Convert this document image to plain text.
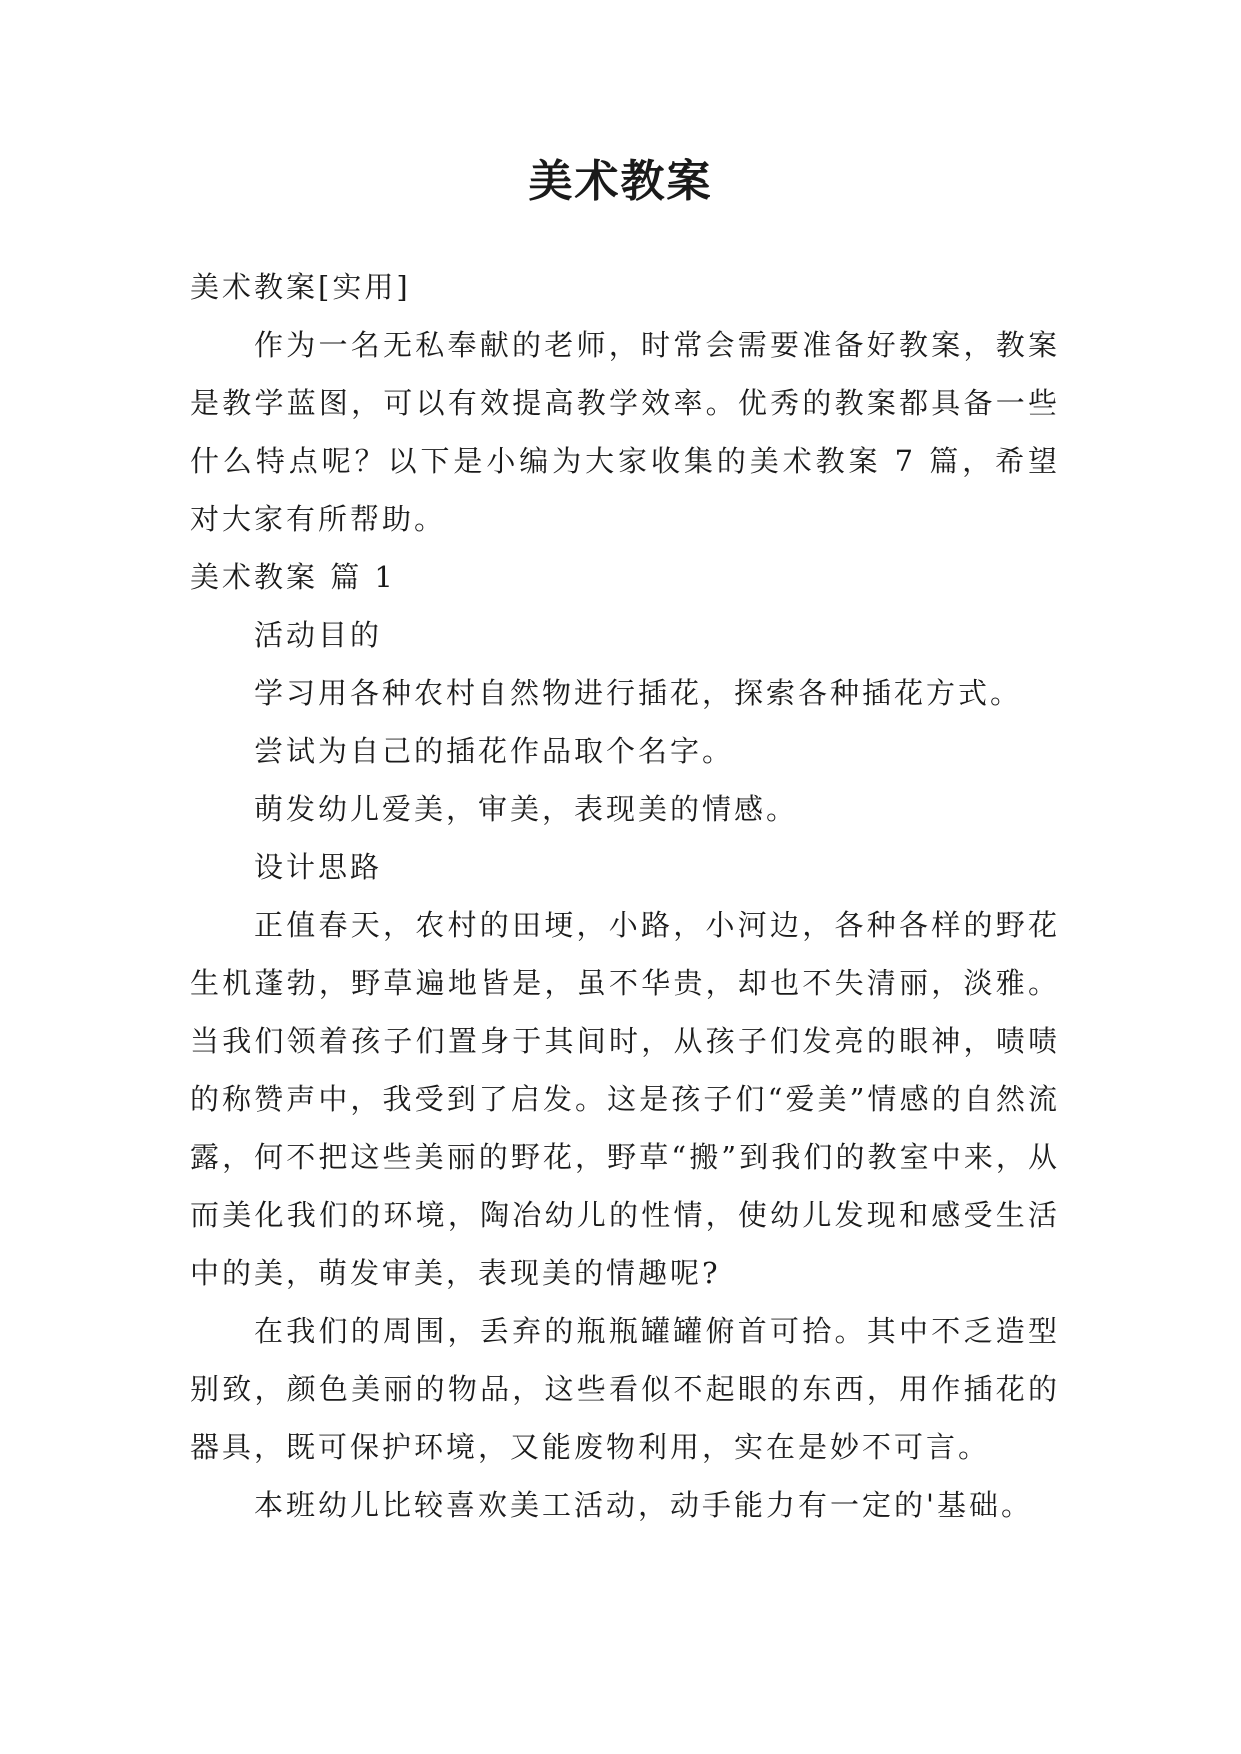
美术教案

美术教案[实用]

作为一名无私奉献的老师，时常会需要准备好教案，教案是教学蓝图，可以有效提高教学效率。优秀的教案都具备一些什么特点呢？以下是小编为大家收集的美术教案 7 篇，希望对大家有所帮助。

美术教案 篇 1

活动目的

学习用各种农村自然物进行插花，探索各种插花方式。

尝试为自己的插花作品取个名字。

萌发幼儿爱美，审美，表现美的情感。

设计思路

正值春天，农村的田埂，小路，小河边，各种各样的野花生机蓬勃，野草遍地皆是，虽不华贵，却也不失清丽，淡雅。当我们领着孩子们置身于其间时，从孩子们发亮的眼神，啧啧的称赞声中，我受到了启发。这是孩子们“爱美”情感的自然流露，何不把这些美丽的野花，野草“搬”到我们的教室中来，从而美化我们的环境，陶冶幼儿的性情，使幼儿发现和感受生活中的美，萌发审美，表现美的情趣呢?

在我们的周围，丢弃的瓶瓶罐罐俯首可拾。其中不乏造型别致，颜色美丽的物品，这些看似不起眼的东西，用作插花的器具，既可保护环境，又能废物利用，实在是妙不可言。

本班幼儿比较喜欢美工活动，动手能力有一定的'基础。
